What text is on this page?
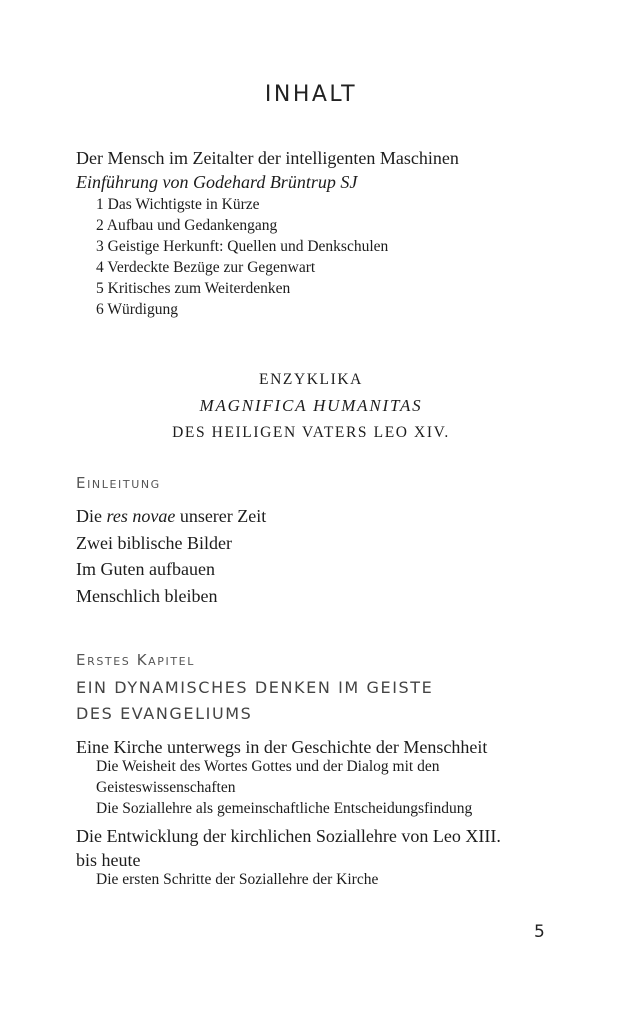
INHALT
Der Mensch im Zeitalter der intelligenten Maschinen
Einführung von Godehard Brüntrup SJ
1 Das Wichtigste in Kürze
2 Aufbau und Gedankengang
3 Geistige Herkunft: Quellen und Denkschulen
4 Verdeckte Bezüge zur Gegenwart
5 Kritisches zum Weiterdenken
6 Würdigung
ENZYKLIKA
MAGNIFICA HUMANITAS
DES HEILIGEN VATERS LEO XIV.
Einleitung
Die res novae unserer Zeit
Zwei biblische Bilder
Im Guten aufbauen
Menschlich bleiben
Erstes Kapitel
EIN DYNAMISCHES DENKEN IM GEISTE
DES EVANGELIUMS
Eine Kirche unterwegs in der Geschichte der Menschheit
Die Weisheit des Wortes Gottes und der Dialog mit den
Geisteswissenschaften
Die Soziallehre als gemeinschaftliche Entscheidungsfindung
Die Entwicklung der kirchlichen Soziallehre von Leo XIII.
bis heute
Die ersten Schritte der Soziallehre der Kirche
5
